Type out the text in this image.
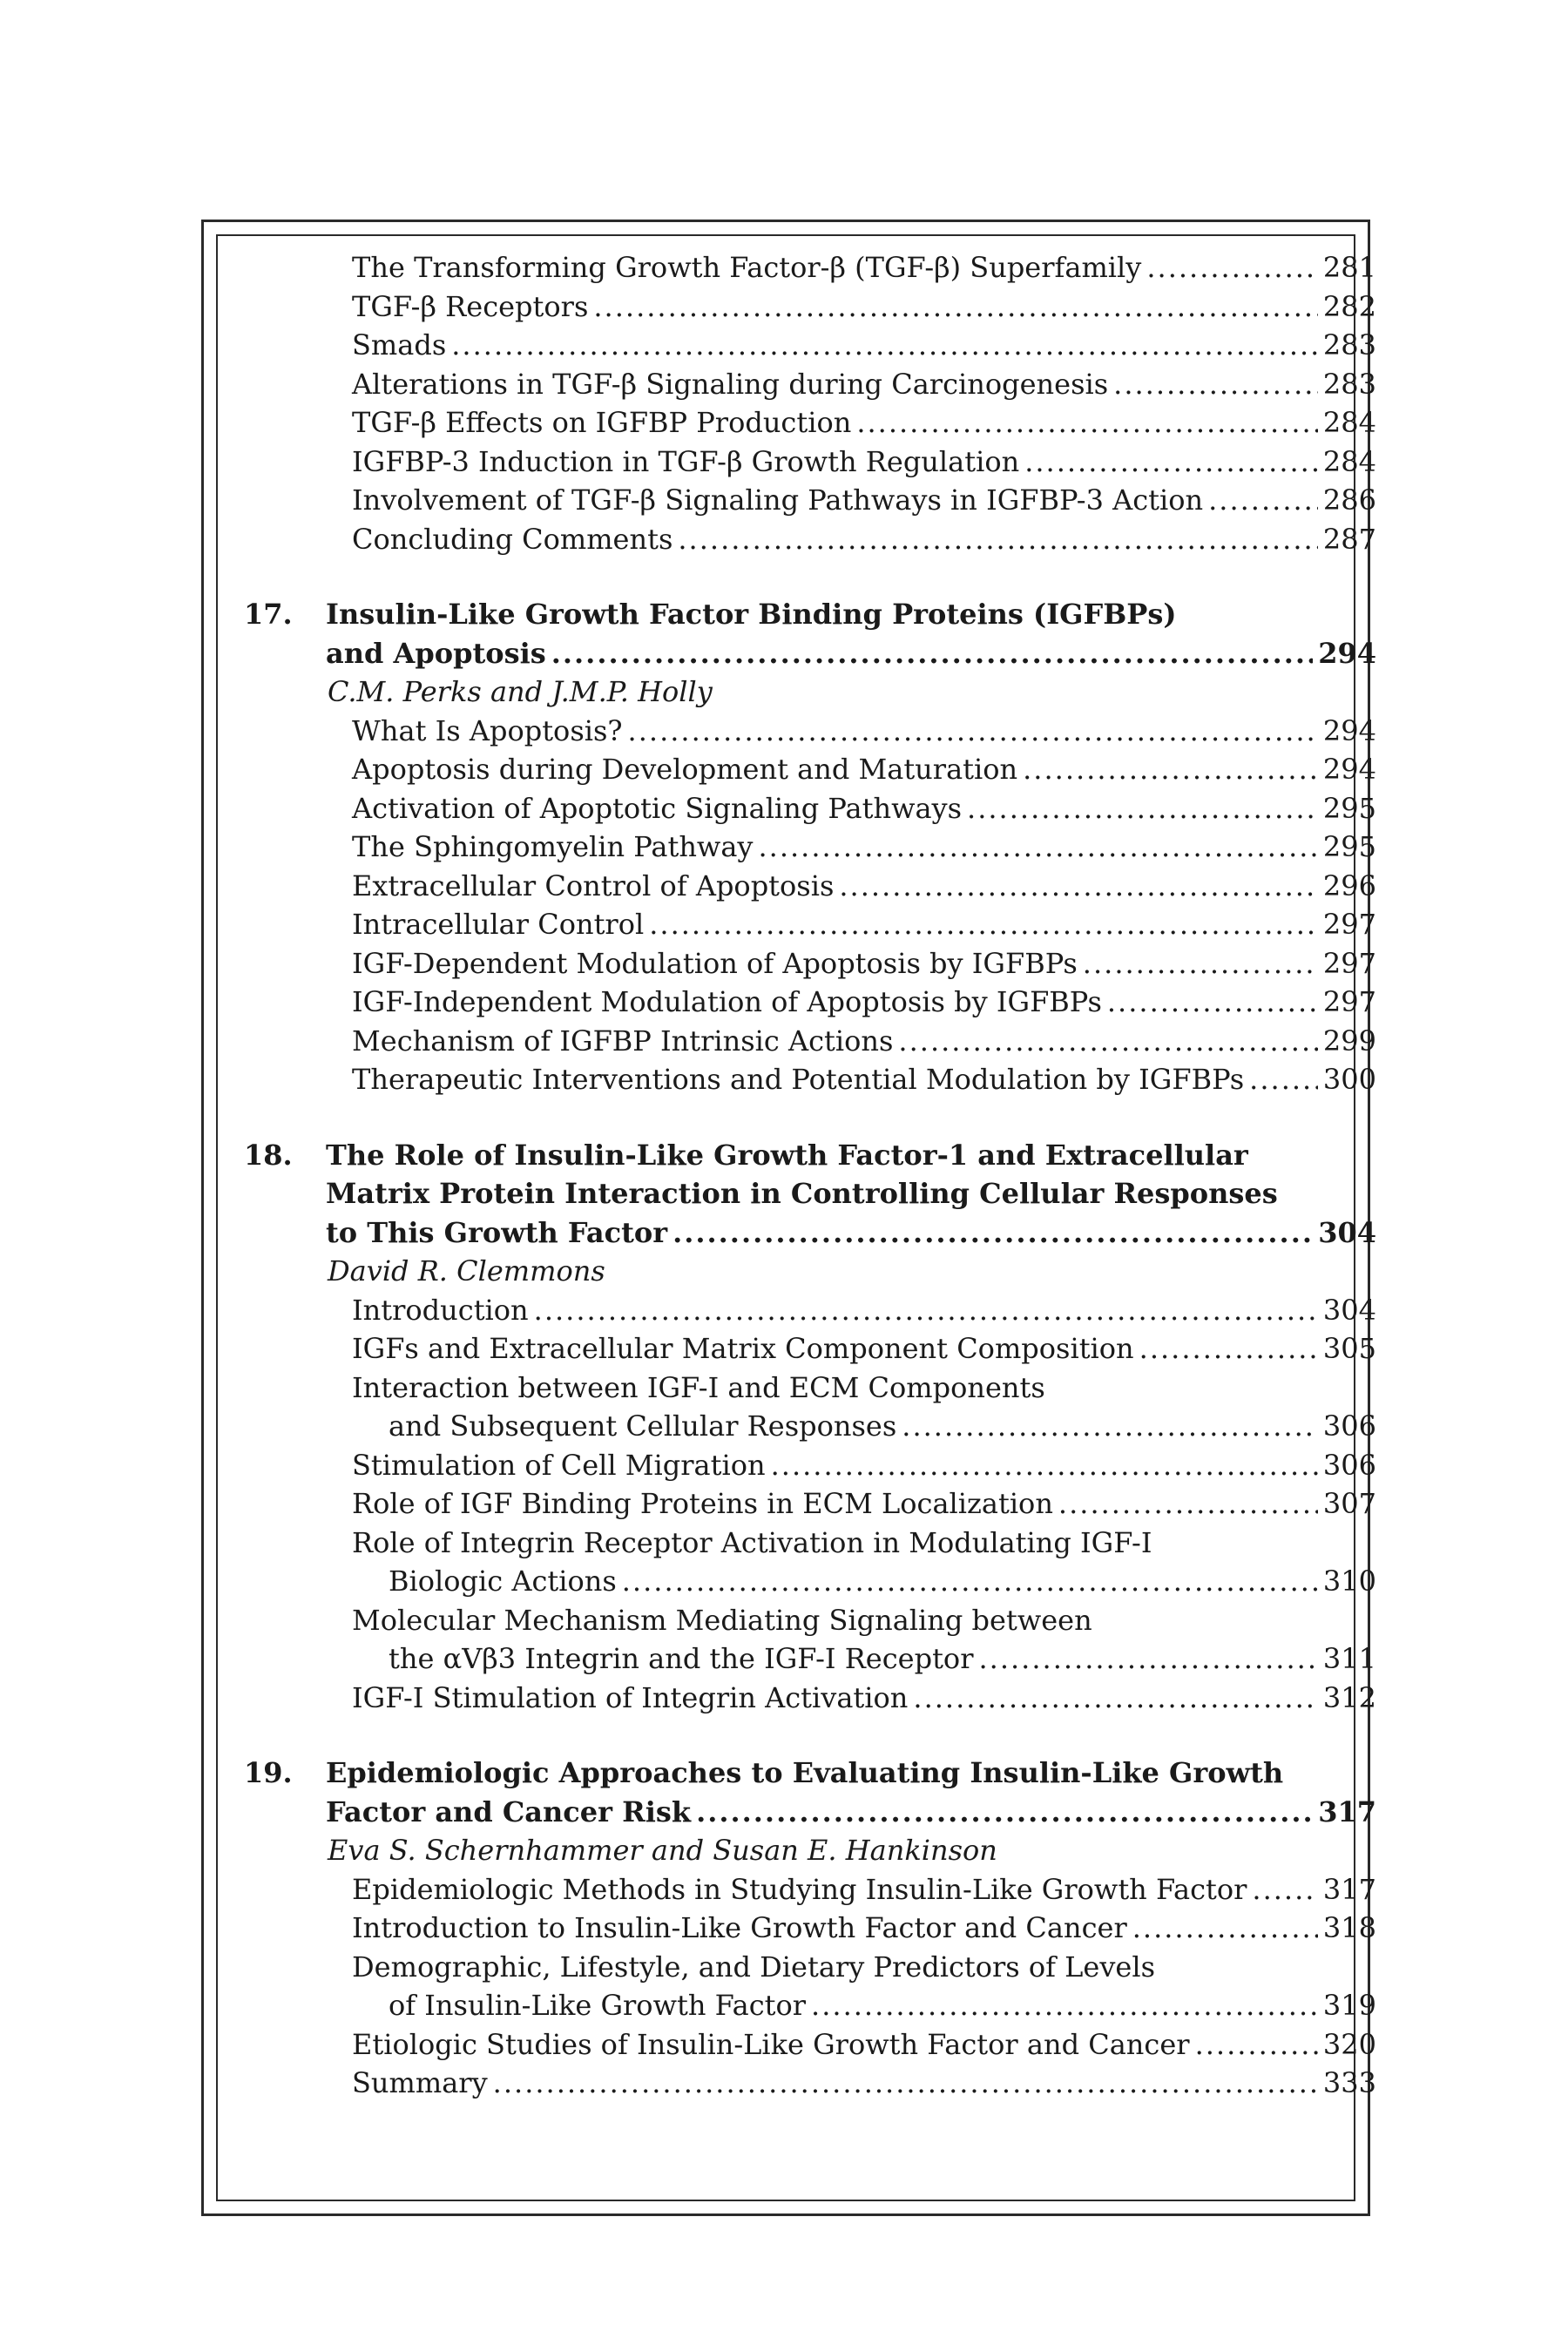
The Transforming Growth Factor-β (TGF-β) Superfamily .....	281
TGF-β Receptors .....	282
Smads .....	283
Alterations in TGF-β Signaling during Carcinogenesis .....	283
TGF-β Effects on IGFBP Production .....	284
IGFBP-3 Induction in TGF-β Growth Regulation .....	284
Involvement of TGF-β Signaling Pathways in IGFBP-3 Action .....	286
Concluding Comments .....	287
17.	Insulin-Like Growth Factor Binding Proteins (IGFBPs)
and Apoptosis .....	294
C.M. Perks and J.M.P. Holly
What Is Apoptosis? .....	294
Apoptosis during Development and Maturation .....	294
Activation of Apoptotic Signaling Pathways .....	295
The Sphingomyelin Pathway .....	295
Extracellular Control of Apoptosis .....	296
Intracellular Control .....	297
IGF-Dependent Modulation of Apoptosis by IGFBPs .....	297
IGF-Independent Modulation of Apoptosis by IGFBPs .....	297
Mechanism of IGFBP Intrinsic Actions .....	299
Therapeutic Interventions and Potential Modulation by IGFBPs .....	300
18.	The Role of Insulin-Like Growth Factor-1 and Extracellular
Matrix Protein Interaction in Controlling Cellular Responses
to This Growth Factor .....	304
David R. Clemmons
Introduction .....	304
IGFs and Extracellular Matrix Component Composition .....	305
Interaction between IGF-I and ECM Components
and Subsequent Cellular Responses .....	306
Stimulation of Cell Migration .....	306
Role of IGF Binding Proteins in ECM Localization .....	307
Role of Integrin Receptor Activation in Modulating IGF-I
Biologic Actions .....	310
Molecular Mechanism Mediating Signaling between
the αVβ3 Integrin and the IGF-I Receptor .....	311
IGF-I Stimulation of Integrin Activation .....	312
19.	Epidemiologic Approaches to Evaluating Insulin-Like Growth
Factor and Cancer Risk .....	317
Eva S. Schernhammer and Susan E. Hankinson
Epidemiologic Methods in Studying Insulin-Like Growth Factor .....	317
Introduction to Insulin-Like Growth Factor and Cancer .....	318
Demographic, Lifestyle, and Dietary Predictors of Levels
of Insulin-Like Growth Factor .....	319
Etiologic Studies of Insulin-Like Growth Factor and Cancer .....	320
Summary .....	333
